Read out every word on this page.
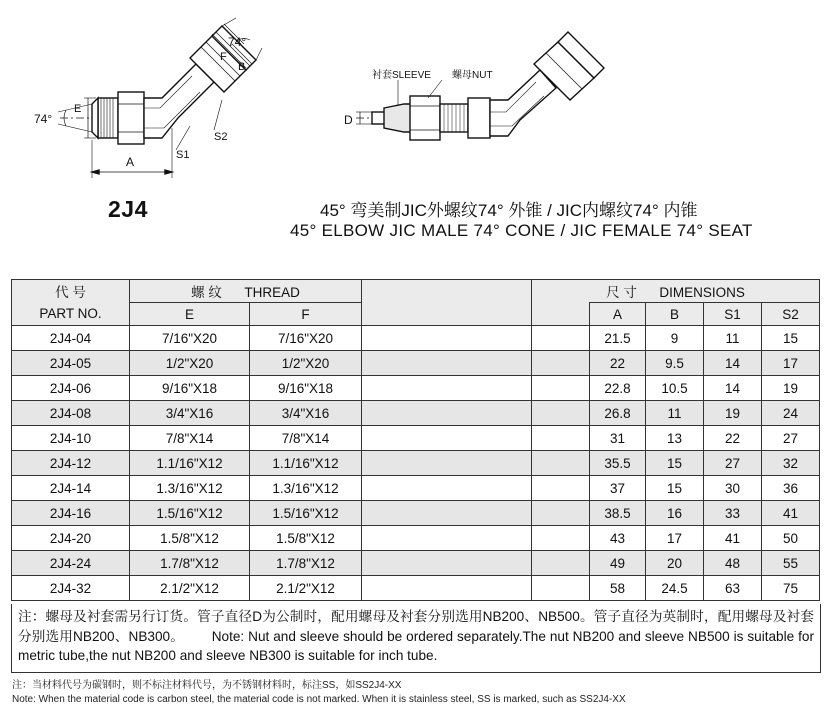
74°
74°
E
F
B
A	S1
S2
衬套SLEEVE 螺母NUT
D
2J4	45° 弯美制JIC外螺纹74° 外锥 / JIC内螺纹74° 内锥
45° ELBOW JIC MALE 74° CONE / JIC FEMALE 74° SEAT
代 号	螺 纹 THREAD			尺 寸 DIMENSIONS				
PART NO.	E	F			A	B	S1	S2
2J4-04	7/16"X20	7/16"X20			21.5	9	11	15
2J4-05	1/2"X20	1/2"X20			22	9.5	14	17
2J4-06	9/16"X18	9/16"X18			22.8	10.5	14	19
2J4-08	3/4"X16	3/4"X16			26.8	11	19	24
2J4-10	7/8"X14	7/8"X14			31	13	22	27
2J4-12	1.1/16"X12	1.1/16"X12			35.5	15	27	32
2J4-14	1.3/16"X12	1.3/16"X12			37	15	30	36
2J4-16	1.5/16"X12	1.5/16"X12			38.5	16	33	41
2J4-20	1.5/8"X12	1.5/8"X12			43	17	41	50
2J4-24	1.7/8"X12	1.7/8"X12			49	20	48	55
2J4-32	2.1/2"X12	2.1/2"X12			58	24.5	63	75

注：螺母及衬套需另行订货。管子直径D为公制时，配用螺母及衬套分别选用NB200、NB500。管子直径为英制时，配用螺母及衬套分别选用NB200、NB300。 Note: Nut and sleeve should be ordered separately.The nut NB200 and sleeve NB500 is suitable for metric tube,the nut NB200 and sleeve NB300 is suitable for inch tube.

注：当材料代号为碳钢时，则不标注材料代号，为不锈钢材料时，标注SS，如SS2J4-XX
Note: When the material code is carbon steel, the material code is not marked. When it is stainless steel, SS is marked, such as SS2J4-XX
